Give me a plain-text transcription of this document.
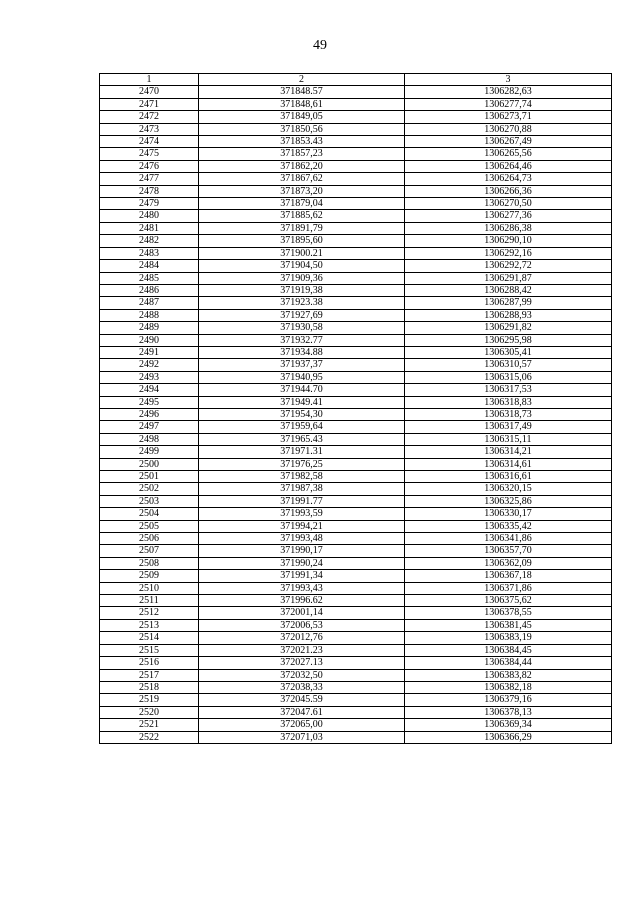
49
1	2	3
2470	371848.57	1306282,63
2471	371848,61	1306277,74
2472	371849,05	1306273,71
2473	371850,56	1306270,88
2474	371853.43	1306267,49
2475	371857,23	1306265,56
2476	371862,20	1306264,46
2477	371867,62	1306264,73
2478	371873,20	1306266,36
2479	371879,04	1306270,50
2480	371885,62	1306277,36
2481	371891,79	1306286,38
2482	371895,60	1306290,10
2483	371900.21	1306292,16
2484	371904,50	1306292,72
2485	371909,36	1306291,87
2486	371919,38	1306288,42
2487	371923.38	1306287,99
2488	371927,69	1306288,93
2489	371930,58	1306291,82
2490	371932.77	1306295,98
2491	371934.88	1306305,41
2492	371937,37	1306310,57
2493	371940,95	1306315,06
2494	371944.70	1306317,53
2495	371949.41	1306318,83
2496	371954,30	1306318,73
2497	371959,64	1306317,49
2498	371965.43	1306315,11
2499	371971.31	1306314,21
2500	371976,25	1306314,61
2501	371982,58	1306316,61
2502	371987,38	1306320,15
2503	371991.77	1306325,86
2504	371993,59	1306330,17
2505	371994,21	1306335,42
2506	371993,48	1306341,86
2507	371990,17	1306357,70
2508	371990,24	1306362,09
2509	371991,34	1306367,18
2510	371993,43	1306371,86
2511	371996.62	1306375,62
2512	372001,14	1306378,55
2513	372006,53	1306381,45
2514	372012,76	1306383,19
2515	372021.23	1306384,45
2516	372027.13	1306384,44
2517	372032,50	1306383,82
2518	372038,33	1306382,18
2519	372045.59	1306379,16
2520	372047.61	1306378,13
2521	372065,00	1306369,34
2522	372071,03	1306366,29
